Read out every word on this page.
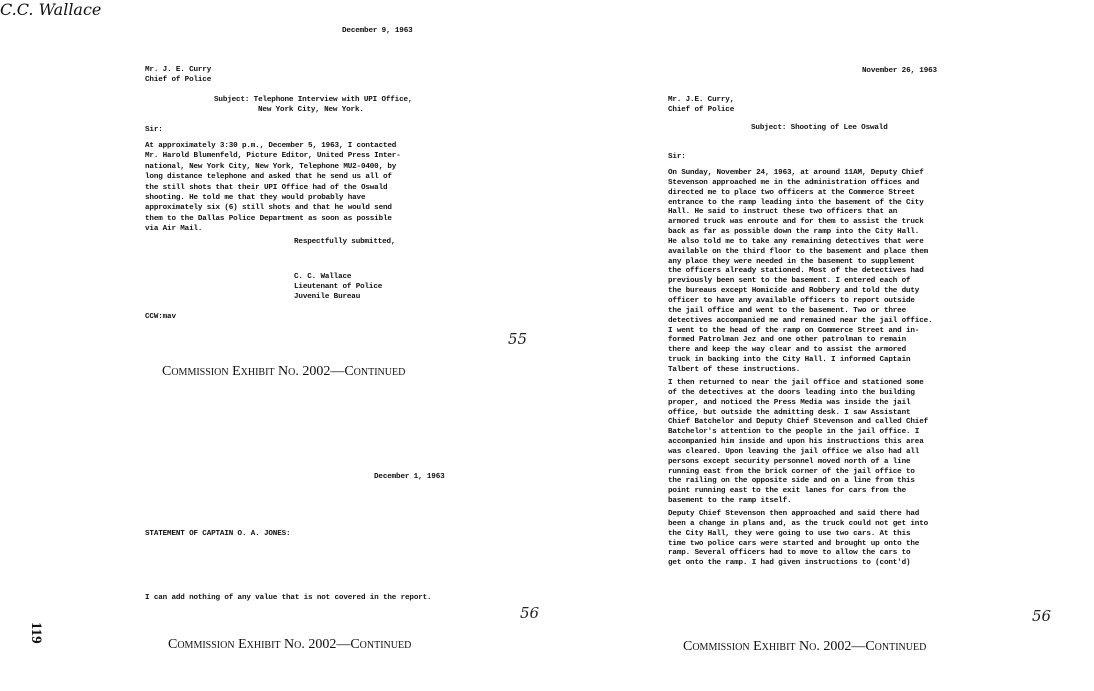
119
December 9, 1963
Mr. J. E. Curry
Chief of Police
Subject: Telephone Interview with UPI Office,
New York City, New York.
Sir:
At approximately 3:30 p.m., December 5, 1963, I contacted
Mr. Harold Blumenfeld, Picture Editor, United Press Inter-
national, New York City, New York, Telephone MU2-0400, by
long distance telephone and asked that he send us all of
the still shots that their UPI Office had of the Oswald
shooting. He told me that they would probably have
approximately six (6) still shots and that he would send
them to the Dallas Police Department as soon as possible
via Air Mail.
Respectfully submitted,
C.C. Wallace
C. C. Wallace
Lieutenant of Police
Juvenile Bureau
CCW:mav
55
Commission Exhibit No. 2002—Continued
December 1, 1963
STATEMENT OF CAPTAIN O. A. JONES:
I can add nothing of any value that is not covered in the report.
56
Commission Exhibit No. 2002—Continued
November 26, 1963
Mr. J.E. Curry,
Chief of Police
Subject: Shooting of Lee Oswald
Sir:
On Sunday, November 24, 1963, at around 11AM, Deputy Chief
Stevenson approached me in the administration offices and
directed me to place two officers at the Commerce Street
entrance to the ramp leading into the basement of the City
Hall. He said to instruct these two officers that an
armored truck was enroute and for them to assist the truck
back as far as possible down the ramp into the City Hall.
He also told me to take any remaining detectives that were
available on the third floor to the basement and place them
any place they were needed in the basement to supplement
the officers already stationed. Most of the detectives had
previously been sent to the basement. I entered each of
the bureaus except Homicide and Robbery and told the duty
officer to have any available officers to report outside
the jail office and went to the basement. Two or three
detectives accompanied me and remained near the jail office.
I went to the head of the ramp on Commerce Street and in-
formed Patrolman Jez and one other patrolman to remain
there and keep the way clear and to assist the armored
truck in backing into the City Hall. I informed Captain
Talbert of these instructions.
I then returned to near the jail office and stationed some
of the detectives at the doors leading into the building
proper, and noticed the Press Media was inside the jail
office, but outside the admitting desk. I saw Assistant
Chief Batchelor and Deputy Chief Stevenson and called Chief
Batchelor's attention to the people in the jail office. I
accompanied him inside and upon his instructions this area
was cleared. Upon leaving the jail office we also had all
persons except security personnel moved north of a line
running east from the brick corner of the jail office to
the railing on the opposite side and on a line from this
point running east to the exit lanes for cars from the
basement to the ramp itself.
Deputy Chief Stevenson then approached and said there had
been a change in plans and, as the truck could not get into
the City Hall, they were going to use two cars. At this
time two police cars were started and brought up onto the
ramp. Several officers had to move to allow the cars to
get onto the ramp. I had given instructions to (cont'd)
56
Commission Exhibit No. 2002—Continued
